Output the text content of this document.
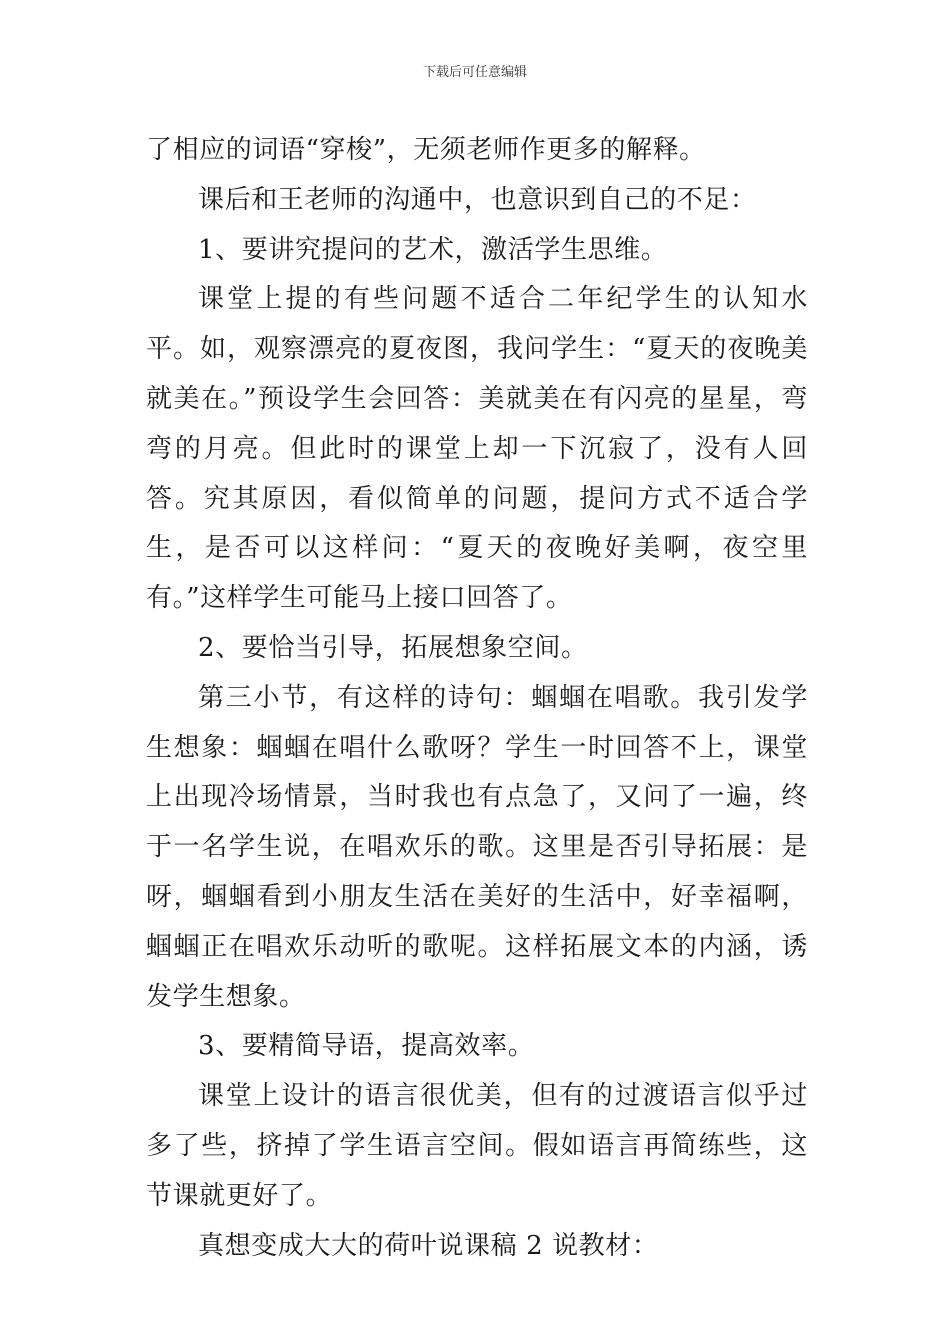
下载后可任意编辑

了相应的词语“穿梭”，无须老师作更多的解释。

课后和王老师的沟通中，也意识到自己的不足：

1、要讲究提问的艺术，激活学生思维。

课堂上提的有些问题不适合二年纪学生的认知水平。如，观察漂亮的夏夜图，我问学生：“夏天的夜晚美就美在。”预设学生会回答：美就美在有闪亮的星星，弯弯的月亮。但此时的课堂上却一下沉寂了，没有人回答。究其原因，看似简单的问题，提问方式不适合学生，是否可以这样问：“夏天的夜晚好美啊，夜空里有。”这样学生可能马上接口回答了。

2、要恰当引导，拓展想象空间。

第三小节，有这样的诗句：蝈蝈在唱歌。我引发学生想象：蝈蝈在唱什么歌呀？学生一时回答不上，课堂上出现冷场情景，当时我也有点急了，又问了一遍，终于一名学生说，在唱欢乐的歌。这里是否引导拓展：是呀，蝈蝈看到小朋友生活在美好的生活中，好幸福啊，蝈蝈正在唱欢乐动听的歌呢。这样拓展文本的内涵，诱发学生想象。

3、要精简导语，提高效率。

课堂上设计的语言很优美，但有的过渡语言似乎过多了些，挤掉了学生语言空间。假如语言再简练些，这节课就更好了。

真想变成大大的荷叶说课稿 2 说教材：
